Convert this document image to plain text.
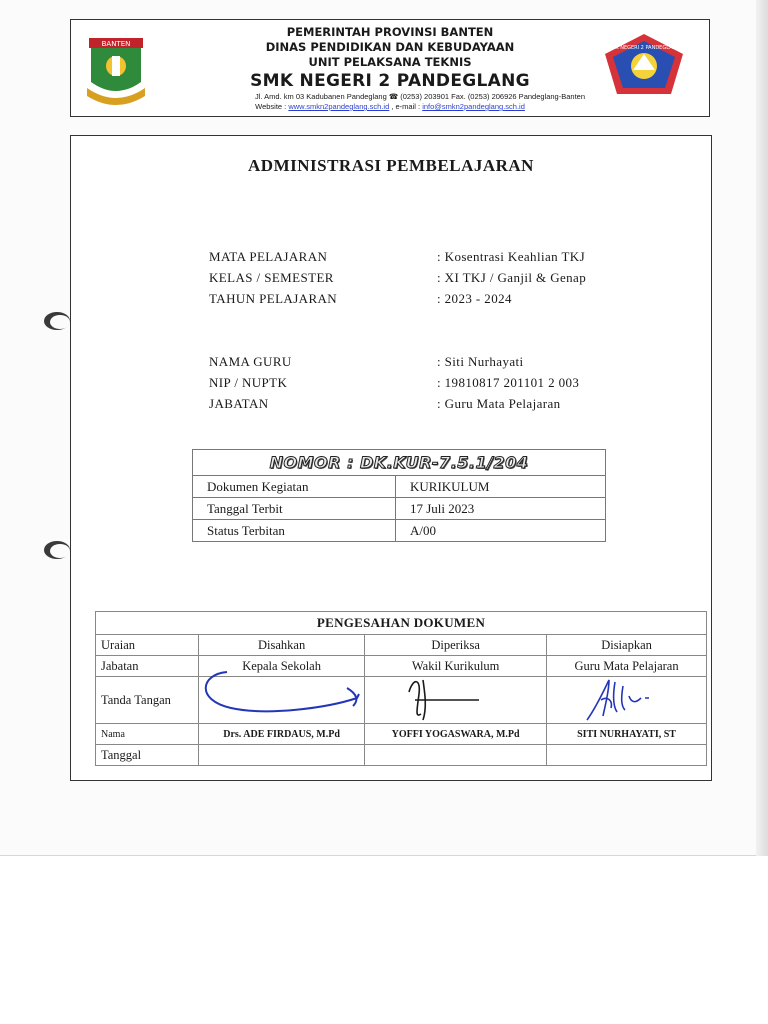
BANTEN
PEMERINTAH PROVINSI BANTEN
DINAS PENDIDIKAN DAN KEBUDAYAAN
UNIT PELAKSANA TEKNIS
SMK NEGERI 2 PANDEGLANG
Jl. Amd. km 03 Kadubanen Pandeglang ☎ (0253) 203901 Fax. (0253) 206926 Pandeglang-Banten
Website : www.smkn2pandeglang.sch.id , e-mail : info@smkn2pandeglang.sch.id
SMK NEGERI 2 PANDEGLANG
ADMINISTRASI PEMBELAJARAN
MATA PELAJARAN	: Kosentrasi Keahlian TKJ
KELAS / SEMESTER	: XI TKJ / Ganjil & Genap
TAHUN PELAJARAN	: 2023 - 2024
NAMA GURU	: Siti Nurhayati
NIP / NUPTK	: 19810817 201101 2 003
JABATAN	: Guru Mata Pelajaran
NOMOR : DK.KUR-7.5.1/204	
Dokumen Kegiatan	KURIKULUM
Tanggal Terbit	17 Juli 2023
Status Terbitan	A/00
PENGESAHAN DOKUMEN			
Uraian	Disahkan	Diperiksa	Disiapkan
Jabatan	Kepala Sekolah	Wakil Kurikulum	Guru Mata Pelajaran
Tanda Tangan			
Nama	Drs. ADE FIRDAUS, M.Pd	YOFFI YOGASWARA, M.Pd	SITI NURHAYATI, ST
Tanggal			
